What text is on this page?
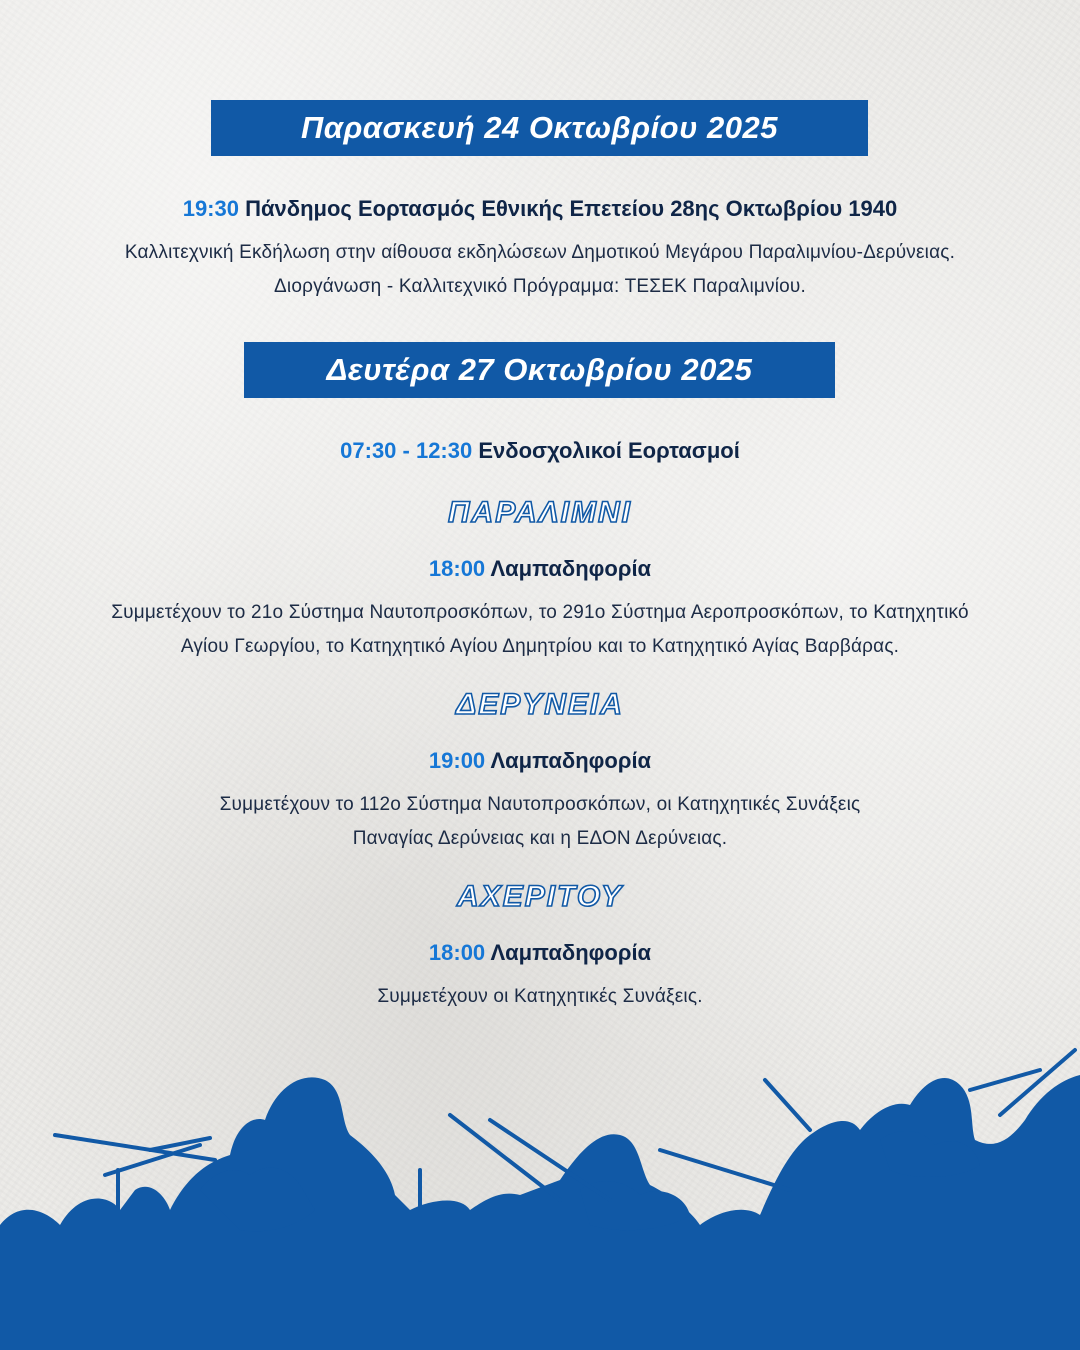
Παρασκευή 24 Οκτωβρίου 2025
19:30 Πάνδημος Εορτασμός Εθνικής Επετείου 28ης Οκτωβρίου 1940
Καλλιτεχνική Εκδήλωση στην αίθουσα εκδηλώσεων Δημοτικού Μεγάρου Παραλιμνίου-Δερύνειας.
Διοργάνωση - Καλλιτεχνικό Πρόγραμμα: ΤΕΣΕΚ Παραλιμνίου.
Δευτέρα 27 Οκτωβρίου 2025
07:30 - 12:30 Ενδοσχολικοί Εορτασμοί
ΠΑΡΑΛΙΜΝΙ
18:00 Λαμπαδηφορία
Συμμετέχουν το 21ο Σύστημα Ναυτοπροσκόπων, το 291ο Σύστημα Αεροπροσκόπων, το Κατηχητικό
Αγίου Γεωργίου, το Κατηχητικό Αγίου Δημητρίου και το Κατηχητικό Αγίας Βαρβάρας.
ΔΕΡΥΝΕΙΑ
19:00 Λαμπαδηφορία
Συμμετέχουν το 112ο Σύστημα Ναυτοπροσκόπων, οι Κατηχητικές Συνάξεις
Παναγίας Δερύνειας και η ΕΔΟΝ Δερύνειας.
ΑΧΕΡΙΤΟΥ
18:00 Λαμπαδηφορία
Συμμετέχουν οι Κατηχητικές Συνάξεις.
